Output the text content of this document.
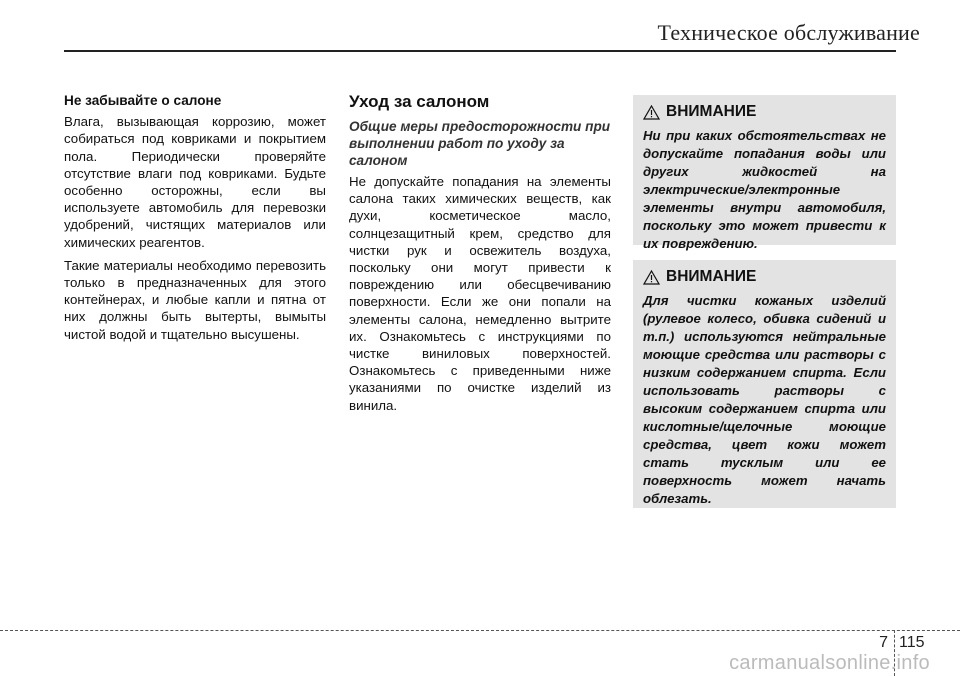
Техническое обслуживание
Не забывайте о салоне

Влага, вызывающая коррозию, может собираться под ковриками и покрытием пола. Периодически проверяйте отсутствие влаги под ковриками. Будьте особенно осторожны, если вы используете автомобиль для перевозки удобрений, чистящих материалов или химических реагентов.

Такие материалы необходимо перевозить только в предназначенных для этого контейнерах, и любые капли и пятна от них должны быть вытерты, вымыты чистой водой и тщательно высушены.

Уход за салоном
Общие меры предосторожности при выполнении работ по уходу за салоном

Не допускайте попадания на элементы салона таких химических веществ, как духи, косметическое масло, солнцезащитный крем, средство для чистки рук и освежитель воздуха, поскольку они могут привести к повреждению или обесцвечиванию поверхности. Если же они попали на элементы салона, немедленно вытрите их. Ознакомьтесь с инструкциями по чистке виниловых поверхностей. Ознакомьтесь с приведенными ниже указаниями по очистке изделий из винила.

ВНИМАНИЕ

Ни при каких обстоятельствах не допускайте попадания воды или других жидкостей на электрические/электронные элементы внутри автомобиля, поскольку это может привести к их повреждению.

ВНИМАНИЕ

Для чистки кожаных изделий (рулевое колесо, обивка сидений и т.п.) используются нейтральные моющие средства или растворы с низким содержанием спирта. Если использовать растворы с высоким содержанием спирта или кислотные/щелочные моющие средства, цвет кожи может стать тусклым или ее поверхность может начать облезать.

7 115
carmanualsonline.info
